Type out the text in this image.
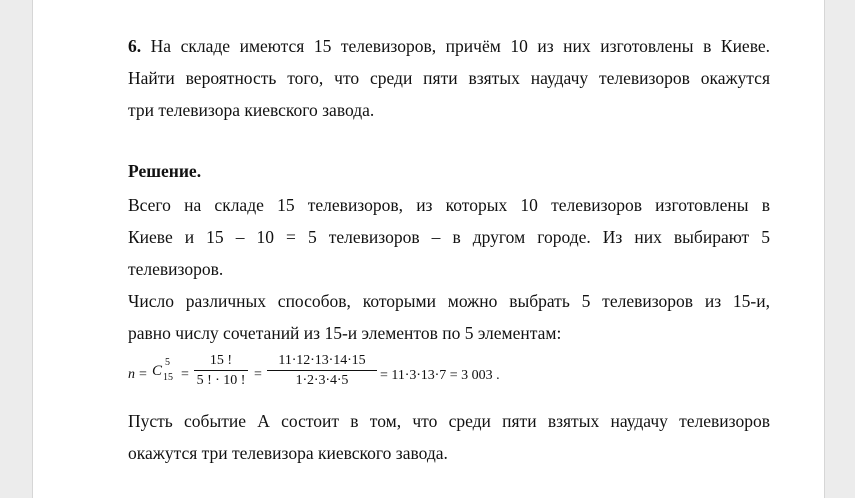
6. На складе имеются 15 телевизоров, причём 10 из них изготовлены в Киеве.
Найти вероятность того, что среди пяти взятых наудачу телевизоров окажутся
три телевизора киевского завода.

Решение.

Всего на складе 15 телевизоров, из которых 10 телевизоров изготовлены в
Киеве и 15 – 10 = 5 телевизоров – в другом городе. Из них выбирают 5
телевизоров.

Число различных способов, которыми можно выбрать 5 телевизоров из 15-и,
равно числу сочетаний из 15-и элементов по 5 элементам:

n = C
5
15 =
15 !
5 ! ⋅ 10 ! =
11⋅12⋅13⋅14⋅15
1⋅2⋅3⋅4⋅5 = 11⋅3⋅13⋅7 = 3 003 .

Пусть событие А состоит в том, что среди пяти взятых наудачу телевизоров
окажутся три телевизора киевского завода.
